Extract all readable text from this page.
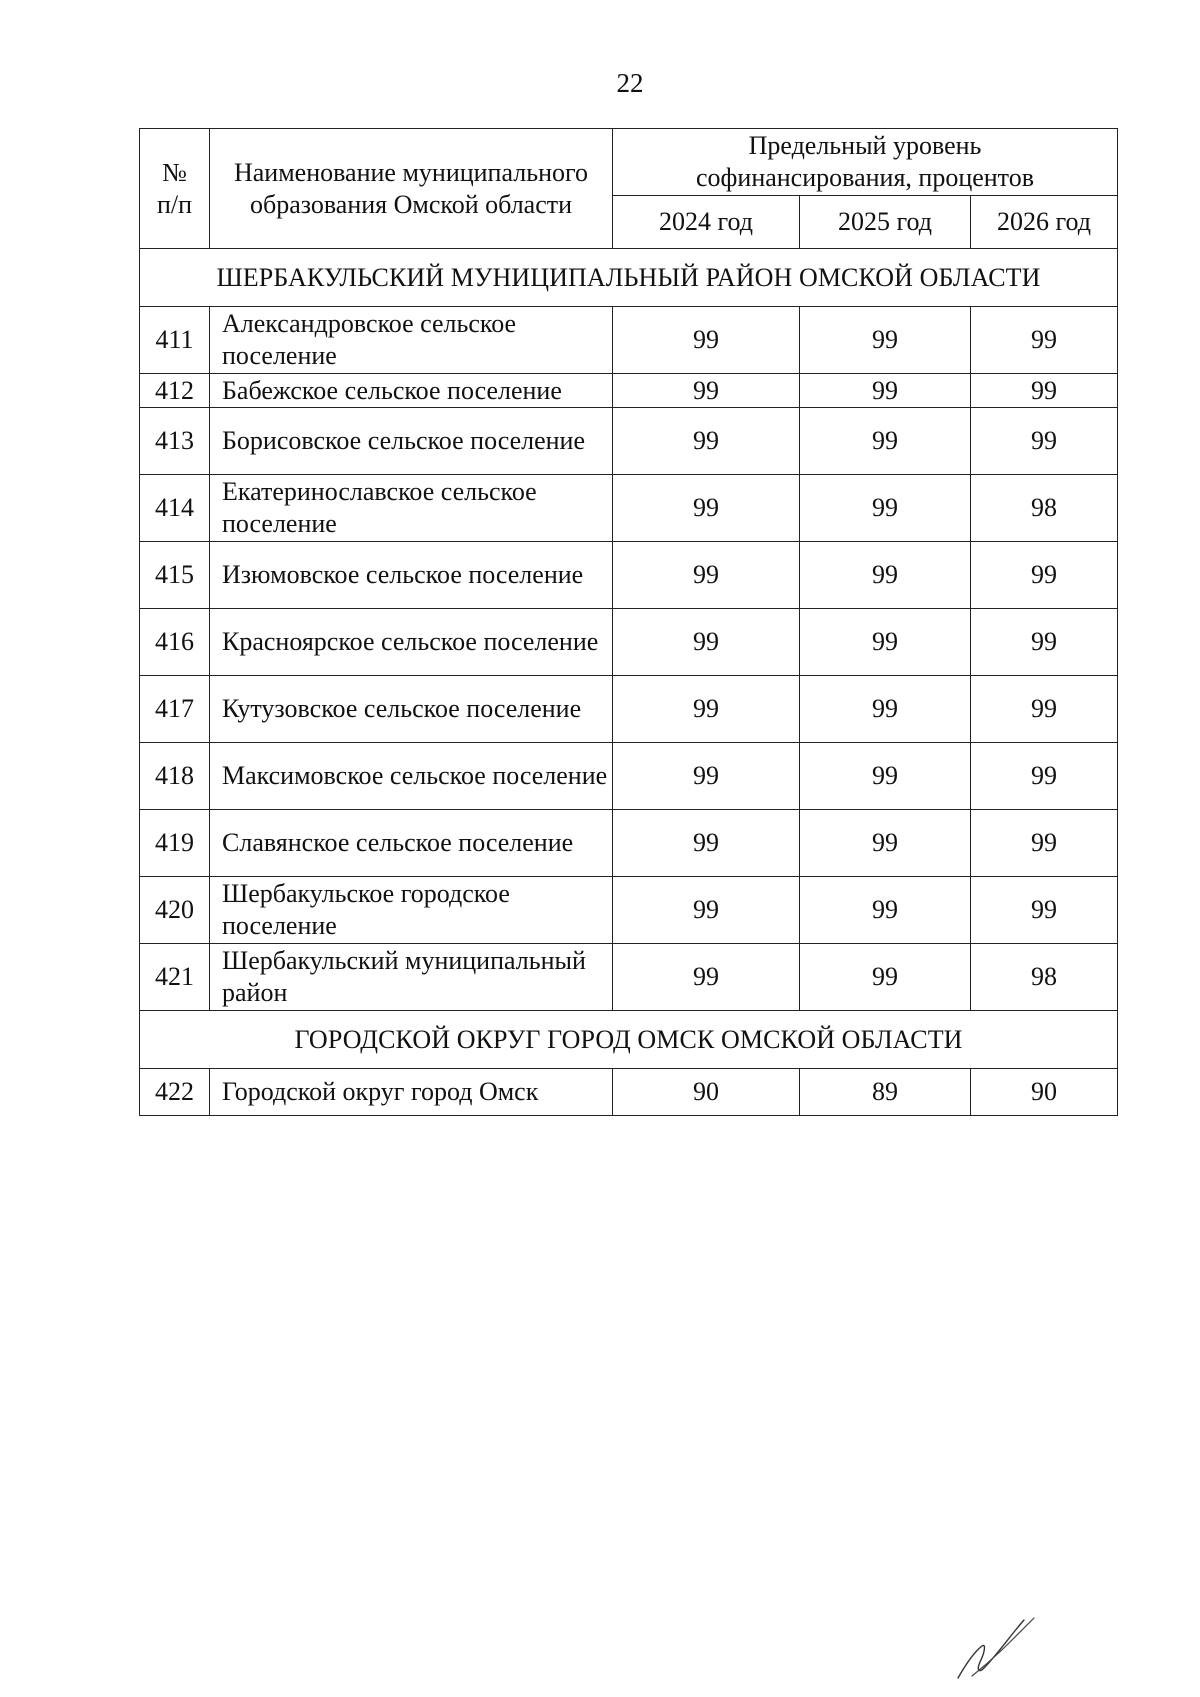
22
№ п/п	Наименование муниципального образования Омской области	Предельный уровень софинансирования, процентов		
		2024 год	2025 год	2026 год
ШЕРБАКУЛЬСКИЙ МУНИЦИПАЛЬНЫЙ РАЙОН ОМСКОЙ ОБЛАСТИ				
411	Александровское сельское поселение	99	99	99
412	Бабежское сельское поселение	99	99	99
413	Борисовское сельское поселение	99	99	99
414	Екатеринославское сельское поселение	99	99	98
415	Изюмовское сельское поселение	99	99	99
416	Красноярское сельское поселение	99	99	99
417	Кутузовское сельское поселение	99	99	99
418	Максимовское сельское поселение	99	99	99
419	Славянское сельское поселение	99	99	99
420	Шербакульское городское поселение	99	99	99
421	Шербакульский муниципальный район	99	99	98
ГОРОДСКОЙ ОКРУГ ГОРОД ОМСК ОМСКОЙ ОБЛАСТИ				
422	Городской округ город Омск	90	89	90
